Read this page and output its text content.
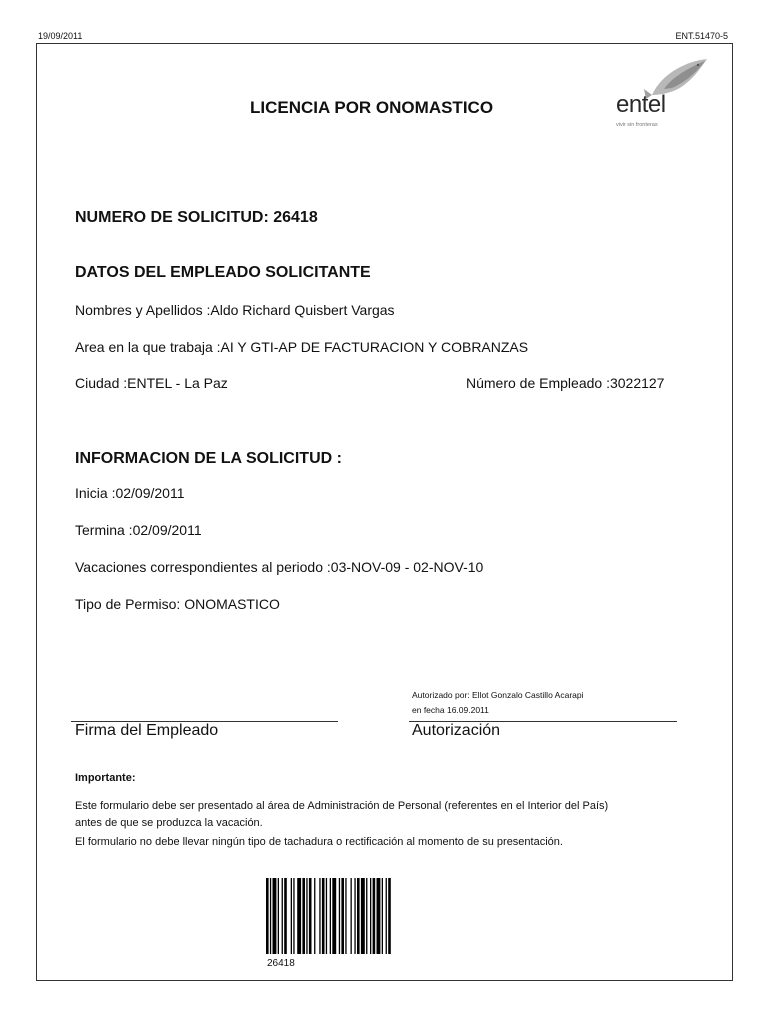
19/09/2011	ENT.51470-5
LICENCIA POR ONOMASTICO	entel
vivir sin fronteras
NUMERO DE SOLICITUD: 26418
DATOS DEL EMPLEADO SOLICITANTE
Nombres y Apellidos :Aldo Richard Quisbert Vargas
Area en la que trabaja :AI Y GTI-AP DE FACTURACION Y COBRANZAS
Ciudad :ENTEL - La Paz	Número de Empleado :3022127
INFORMACION DE LA SOLICITUD :
Inicia :02/09/2011
Termina :02/09/2011
Vacaciones correspondientes al periodo :03-NOV-09 - 02-NOV-10
Tipo de Permiso: ONOMASTICO
Autorizado por: Ellot Gonzalo Castillo Acarapi
en fecha 16.09.2011
Firma del Empleado	Autorización
Importante:
Este formulario debe ser presentado al área de Administración de Personal (referentes en el Interior del País)
antes de que se produzca la vacación.
El formulario no debe llevar ningún tipo de tachadura o rectificación al momento de su presentación.
26418
